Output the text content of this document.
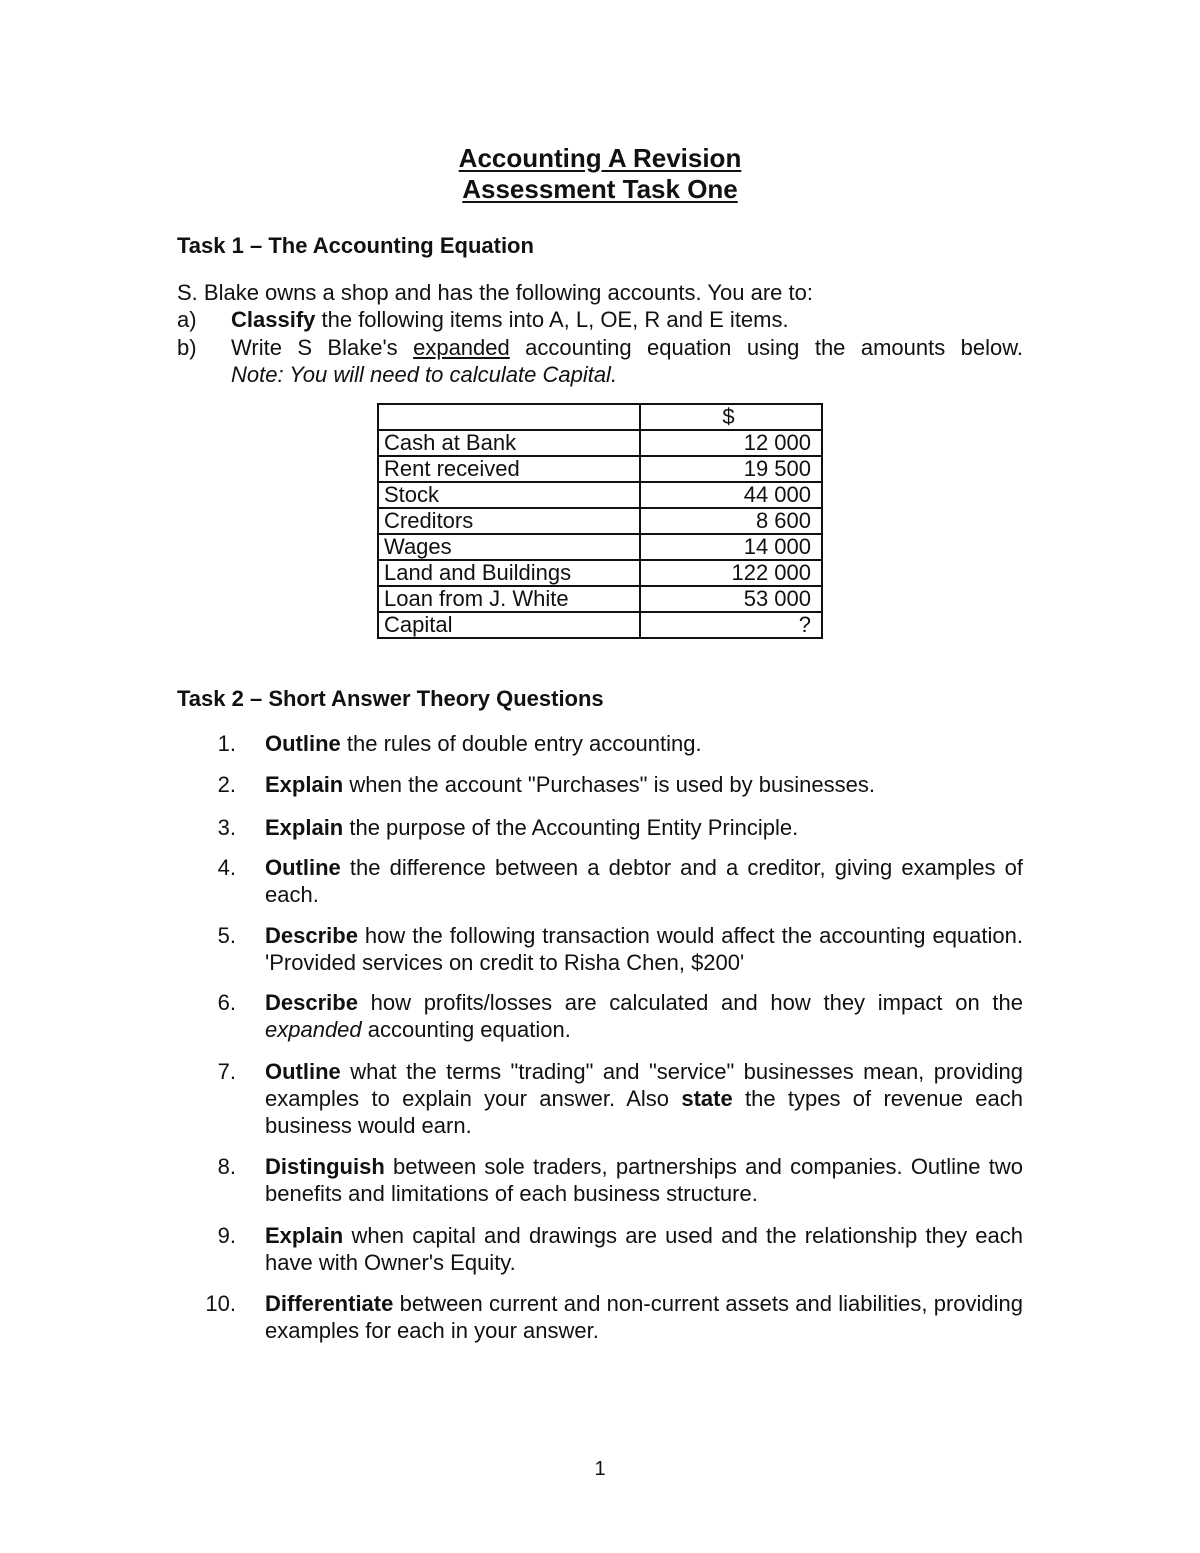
Accounting A Revision
Assessment Task One
Task 1 – The Accounting Equation
S. Blake owns a shop and has the following accounts. You are to:
a) Classify the following items into A, L, OE, R and E items.
b) Write S Blake's expanded accounting equation using the amounts below.
Note: You will need to calculate Capital.
	$
Cash at Bank	12 000
Rent received	19 500
Stock	44 000
Creditors	8 600
Wages	14 000
Land and Buildings	122 000
Loan from J. White	53 000
Capital	?
Task 2 – Short Answer Theory Questions
1. Outline the rules of double entry accounting.
2. Explain when the account "Purchases" is used by businesses.
3. Explain the purpose of the Accounting Entity Principle.
4. Outline the difference between a debtor and a creditor, giving examples of each.
5. Describe how the following transaction would affect the accounting equation. 'Provided services on credit to Risha Chen, $200'
6. Describe how profits/losses are calculated and how they impact on the expanded accounting equation.
7. Outline what the terms "trading" and "service" businesses mean, providing examples to explain your answer. Also state the types of revenue each business would earn.
8. Distinguish between sole traders, partnerships and companies. Outline two benefits and limitations of each business structure.
9. Explain when capital and drawings are used and the relationship they each have with Owner's Equity.
10. Differentiate between current and non-current assets and liabilities, providing examples for each in your answer.
1
